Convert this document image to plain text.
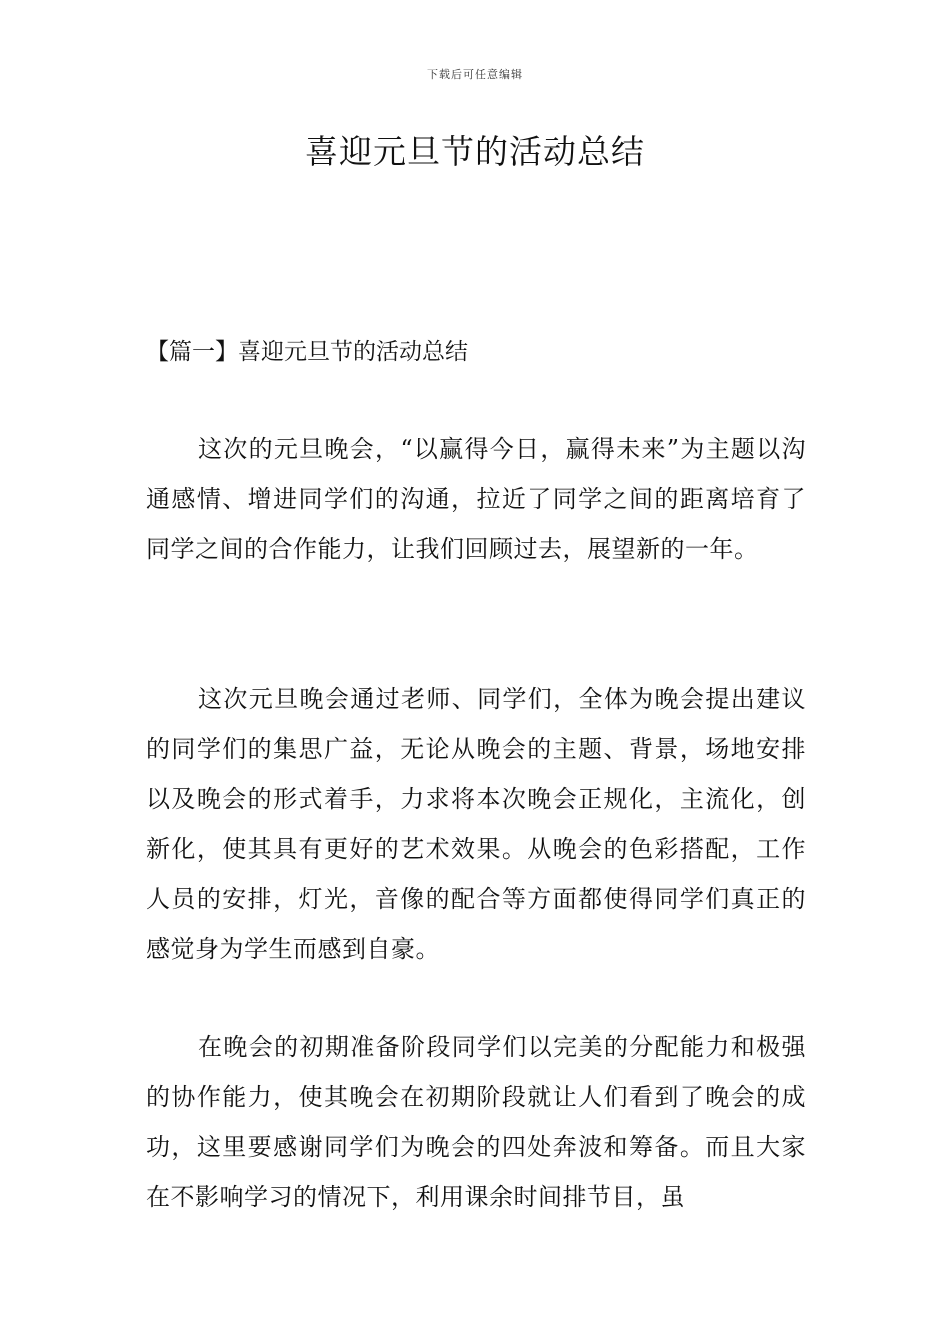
下载后可任意编辑
喜迎元旦节的活动总结
【篇一】喜迎元旦节的活动总结

这次的元旦晚会，“以赢得今日，赢得未来”为主题以沟通感情、增进同学们的沟通，拉近了同学之间的距离培育了同学之间的合作能力，让我们回顾过去，展望新的一年。

这次元旦晚会通过老师、同学们，全体为晚会提出建议的同学们的集思广益，无论从晚会的主题、背景，场地安排以及晚会的形式着手，力求将本次晚会正规化，主流化，创新化，使其具有更好的艺术效果。从晚会的色彩搭配，工作人员的安排，灯光，音像的配合等方面都使得同学们真正的感觉身为学生而感到自豪。

在晚会的初期准备阶段同学们以完美的分配能力和极强的协作能力，使其晚会在初期阶段就让人们看到了晚会的成功，这里要感谢同学们为晚会的四处奔波和筹备。而且大家在不影响学习的情况下，利用课余时间排节目，虽
